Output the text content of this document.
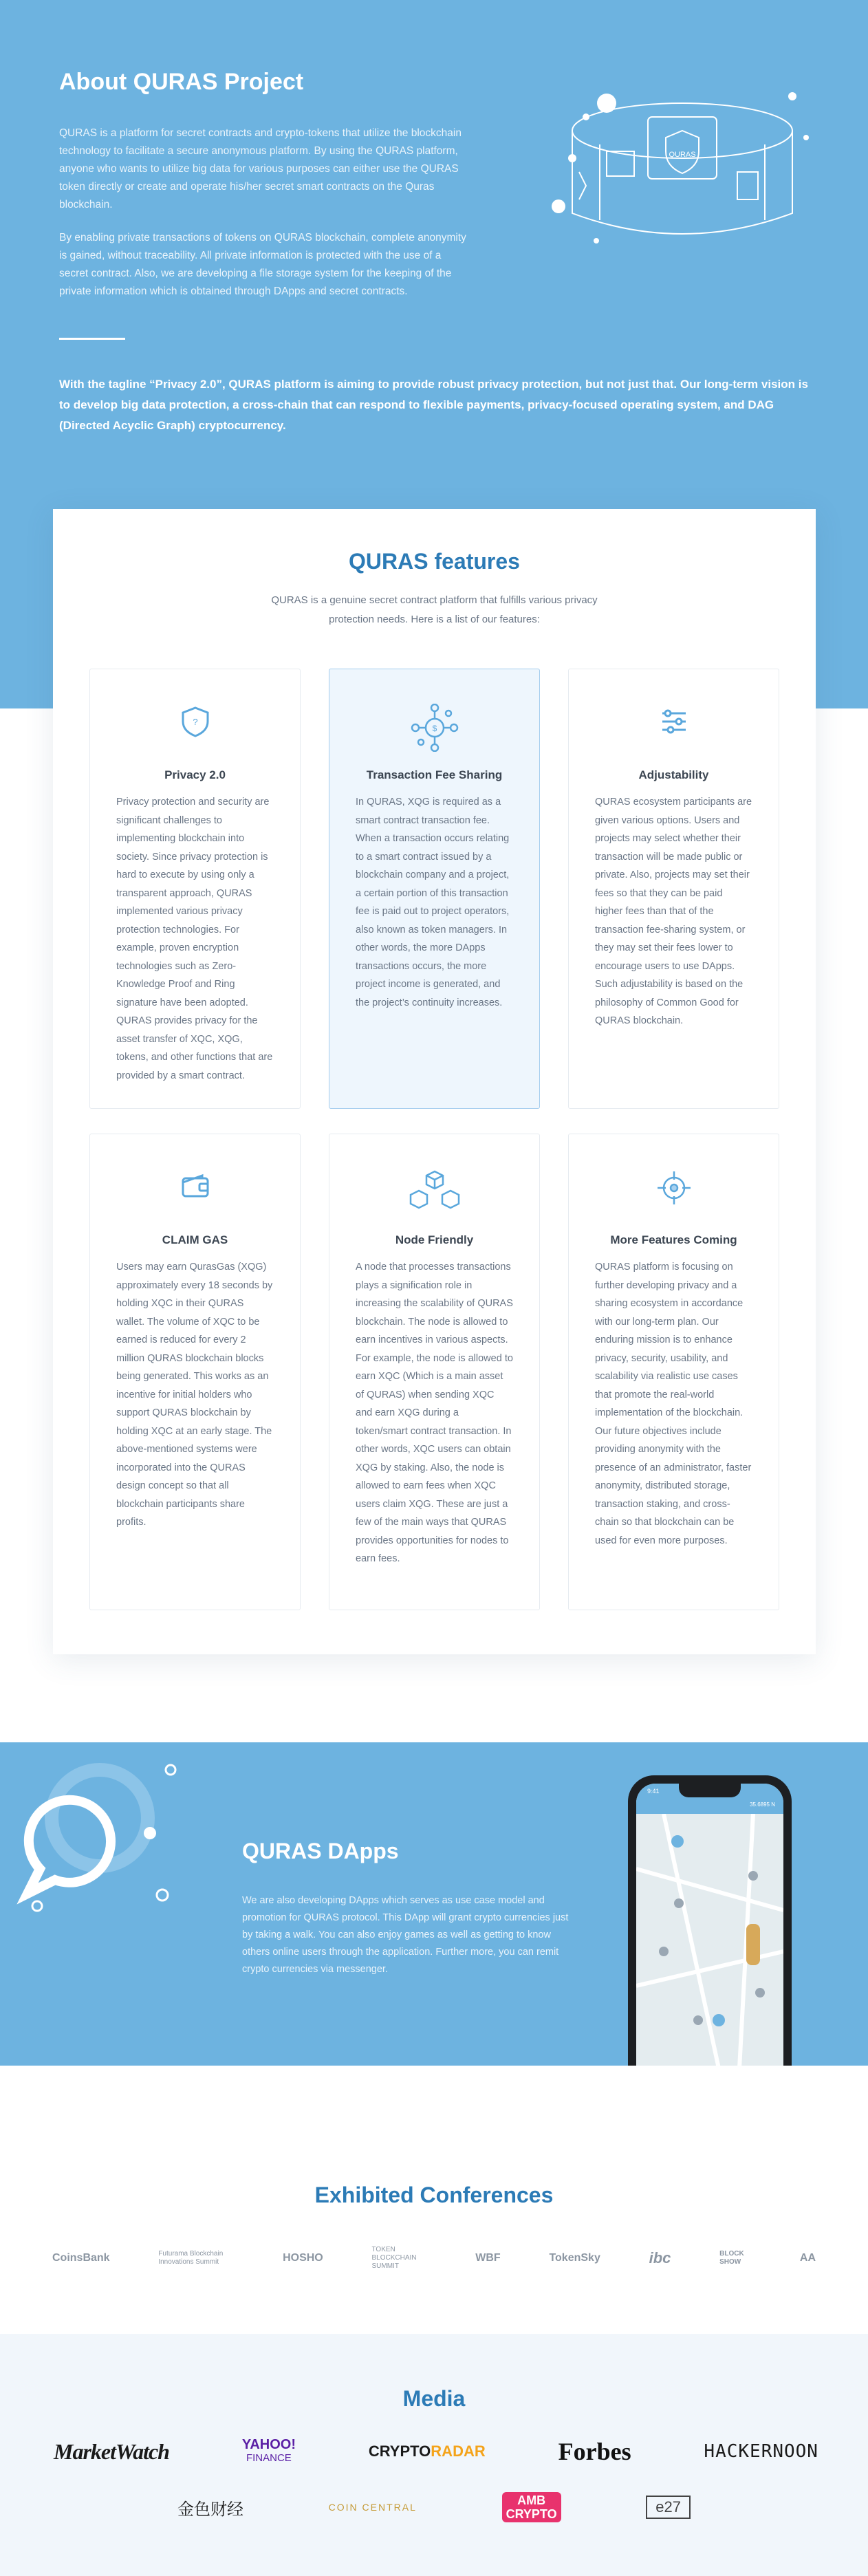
About QURAS Project

QURAS is a platform for secret contracts and crypto-tokens that utilize the blockchain technology to facilitate a secure anonymous platform. By using the QURAS platform, anyone who wants to utilize big data for various purposes can either use the QURAS token directly or create and operate his/her secret smart contracts on the Quras blockchain.

By enabling private transactions of tokens on QURAS blockchain, complete anonymity is gained, without traceability. All private information is protected with the use of a secret contract. Also, we are developing a file storage system for the keeping of the private information which is obtained through DApps and secret contracts.

With the tagline “Privacy 2.0”, QURAS platform is aiming to provide robust privacy protection, but not just that. Our long-term vision is to develop big data protection, a cross-chain that can respond to flexible payments, privacy-focused operating system, and DAG (Directed Acyclic Graph) cryptocurrency.

QURAS
QURAS features

QURAS is a genuine secret contract platform that fulfills various privacy protection needs. Here is a list of our features:

?
Privacy 2.0

Privacy protection and security are significant challenges to implementing blockchain into society. Since privacy protection is hard to execute by using only a transparent approach, QURAS implemented various privacy protection technologies. For example, proven encryption technologies such as Zero-Knowledge Proof and Ring signature have been adopted. QURAS provides privacy for the asset transfer of XQC, XQG, tokens, and other functions that are provided by a smart contract.

$
Transaction Fee Sharing

In QURAS, XQG is required as a smart contract transaction fee. When a transaction occurs relating to a smart contract issued by a blockchain company and a project, a certain portion of this transaction fee is paid out to project operators, also known as token managers. In other words, the more DApps transactions occurs, the more project income is generated, and the project’s continuity increases.

Adjustability

QURAS ecosystem participants are given various options. Users and projects may select whether their transaction will be made public or private. Also, projects may set their fees so that they can be paid higher fees than that of the transaction fee-sharing system, or they may set their fees lower to encourage users to use DApps. Such adjustability is based on the philosophy of Common Good for QURAS blockchain.

CLAIM GAS

Users may earn QurasGas (XQG) approximately every 18 seconds by holding XQC in their QURAS wallet. The volume of XQC to be earned is reduced for every 2 million QURAS blockchain blocks being generated. This works as an incentive for initial holders who support QURAS blockchain by holding XQC at an early stage. The above-mentioned systems were incorporated into the QURAS design concept so that all blockchain participants share profits.

Node Friendly

A node that processes transactions plays a signification role in increasing the scalability of QURAS blockchain. The node is allowed to earn incentives in various aspects. For example, the node is allowed to earn XQC (Which is a main asset of QURAS) when sending XQC and earn XQG during a token/smart contract transaction. In other words, XQC users can obtain XQG by staking. Also, the node is allowed to earn fees when XQC users claim XQG. These are just a few of the main ways that QURAS provides opportunities for nodes to earn fees.

More Features Coming

QURAS platform is focusing on further developing privacy and a sharing ecosystem in accordance with our long-term plan. Our enduring mission is to enhance privacy, security, usability, and scalability via realistic use cases that promote the real-world implementation of the blockchain. Our future objectives include providing anonymity with the presence of an administrator, faster anonymity, distributed storage, transaction staking, and cross-chain so that blockchain can be used for even more purposes.

QURAS DApps

We are also developing DApps which serves as use case model and promotion for QURAS protocol. This DApp will grant crypto currencies just by taking a walk. You can also enjoy games as well as getting to know others online users through the application. Further more, you can remit crypto currencies via messenger.

9:41
35.6895 N
Exhibited Conferences
CoinsBank	Futurama Blockchain Innovations Summit	HOSHO
TOKEN BLOCKCHAIN SUMMIT
WBF	TokenSky	ibc	BLOCK SHOW	AA
Media
MarketWatch	YAHOO!
FINANCE	CRYPTORADAR	Forbes	HACKERNOON
金色财经	COIN CENTRAL	AMB
CRYPTO	e27
